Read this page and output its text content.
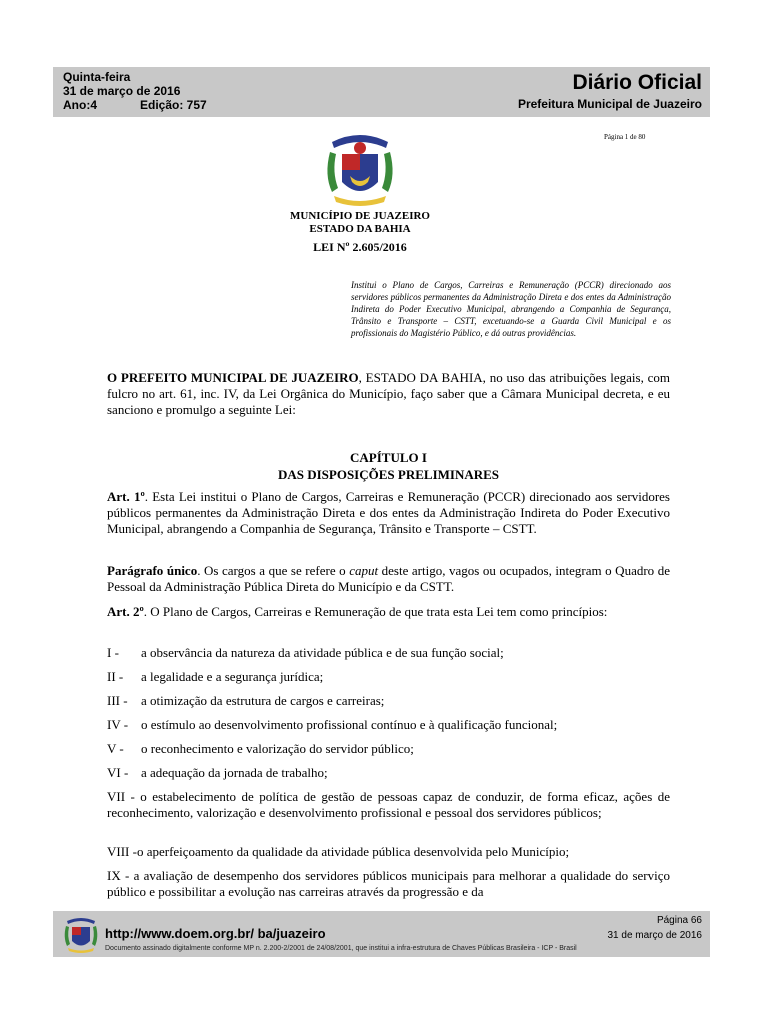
Quinta-feira
31 de março de 2016
Ano:4	Edição: 757
Diário Oficial
Prefeitura Municipal de Juazeiro
Página 1 de 80
MUNICÍPIO DE JUAZEIRO
ESTADO DA BAHIA
LEI Nº 2.605/2016
Institui o Plano de Cargos, Carreiras e Remuneração (PCCR) direcionado aos servidores públicos permanentes da Administração Direta e dos entes da Administração Indireta do Poder Executivo Municipal, abrangendo a Companhia de Segurança, Trânsito e Transporte – CSTT, excetuando-se a Guarda Civil Municipal e os profissionais do Magistério Público, e dá outras providências.
O PREFEITO MUNICIPAL DE JUAZEIRO, ESTADO DA BAHIA, no uso das atribuições legais, com fulcro no art. 61, inc. IV, da Lei Orgânica do Município, faço saber que a Câmara Municipal decreta, e eu sanciono e promulgo a seguinte Lei:
CAPÍTULO I
DAS DISPOSIÇÕES PRELIMINARES
Art. 1º. Esta Lei institui o Plano de Cargos, Carreiras e Remuneração (PCCR) direcionado aos servidores públicos permanentes da Administração Direta e dos entes da Administração Indireta do Poder Executivo Municipal, abrangendo a Companhia de Segurança, Trânsito e Transporte – CSTT.
Parágrafo único. Os cargos a que se refere o caput deste artigo, vagos ou ocupados, integram o Quadro de Pessoal da Administração Pública Direta do Município e da CSTT.
Art. 2º. O Plano de Cargos, Carreiras e Remuneração de que trata esta Lei tem como princípios:
I - a observância da natureza da atividade pública e de sua função social;
II - a legalidade e a segurança jurídica;
III - a otimização da estrutura de cargos e carreiras;
IV - o estímulo ao desenvolvimento profissional contínuo e à qualificação funcional;
V - o reconhecimento e valorização do servidor público;
VI - a adequação da jornada de trabalho;
VII - o estabelecimento de política de gestão de pessoas capaz de conduzir, de forma eficaz, ações de reconhecimento, valorização e desenvolvimento profissional e pessoal dos servidores públicos;
VIII -o aperfeiçoamento da qualidade da atividade pública desenvolvida pelo Município;
IX - a avaliação de desempenho dos servidores públicos municipais para melhorar a qualidade do serviço público e possibilitar a evolução nas carreiras através da progressão e da
http://www.doem.org.br/ ba/juazeiro
Documento assinado digitalmente conforme MP n. 2.200-2/2001 de 24/08/2001, que institui a infra-estrutura de Chaves Públicas Brasileira - ICP - Brasil
Página 66
31 de março de 2016
